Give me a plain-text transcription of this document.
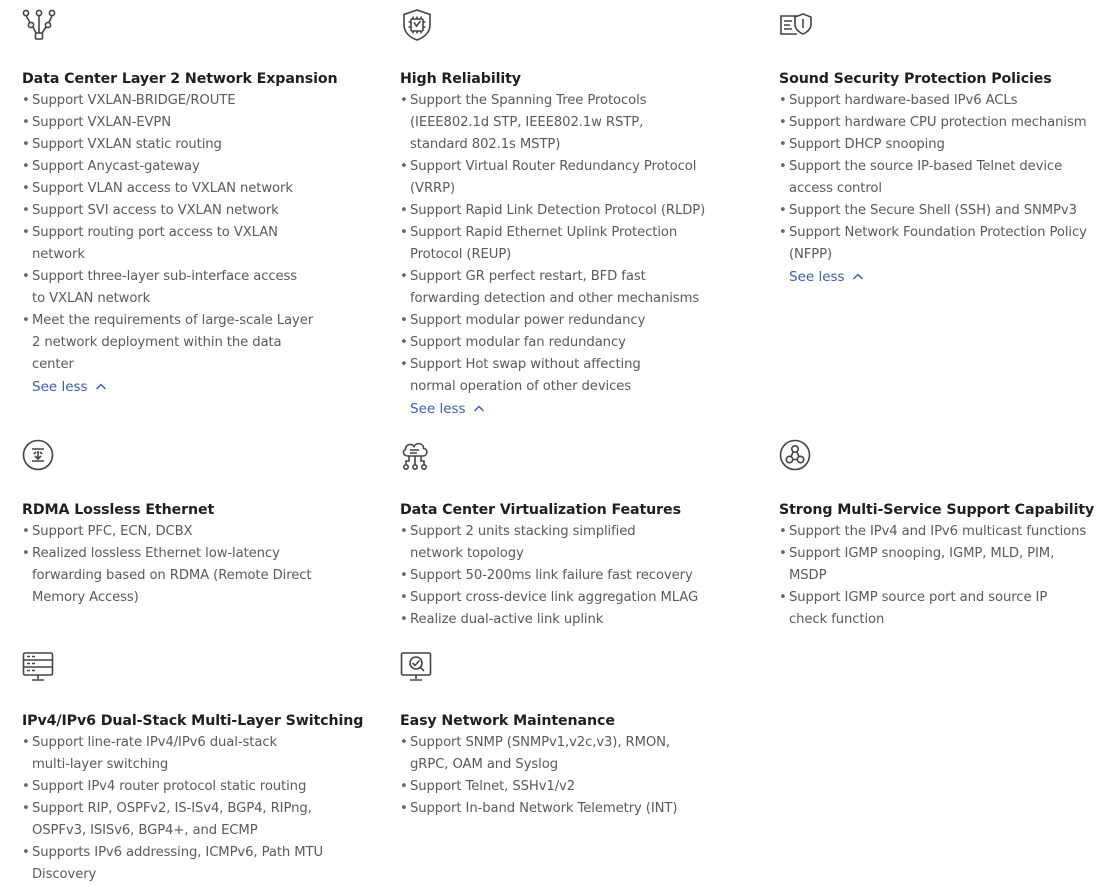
Data Center Layer 2 Network Expansion
• Support VXLAN-BRIDGE/ROUTE
• Support VXLAN-EVPN
• Support VXLAN static routing
• Support Anycast-gateway
• Support VLAN access to VXLAN network
• Support SVI access to VXLAN network
• Support routing port access to VXLAN network
• Support three-layer sub-interface access to VXLAN network
• Meet the requirements of large-scale Layer 2 network deployment within the data center
See less
High Reliability
• Support the Spanning Tree Protocols (IEEE802.1d STP, IEEE802.1w RSTP, standard 802.1s MSTP)
• Support Virtual Router Redundancy Protocol (VRRP)
• Support Rapid Link Detection Protocol (RLDP)
• Support Rapid Ethernet Uplink Protection Protocol (REUP)
• Support GR perfect restart, BFD fast forwarding detection and other mechanisms
• Support modular power redundancy
• Support modular fan redundancy
• Support Hot swap without affecting normal operation of other devices
See less
Sound Security Protection Policies
• Support hardware-based IPv6 ACLs
• Support hardware CPU protection mechanism
• Support DHCP snooping
• Support the source IP-based Telnet device access control
• Support the Secure Shell (SSH) and SNMPv3
• Support Network Foundation Protection Policy (NFPP)
See less
RDMA Lossless Ethernet
• Support PFC, ECN, DCBX
• Realized lossless Ethernet low-latency forwarding based on RDMA (Remote Direct Memory Access)
Data Center Virtualization Features
• Support 2 units stacking simplified network topology
• Support 50-200ms link failure fast recovery
• Support cross-device link aggregation MLAG
• Realize dual-active link uplink
Strong Multi-Service Support Capability
• Support the IPv4 and IPv6 multicast functions
• Support IGMP snooping, IGMP, MLD, PIM, MSDP
• Support IGMP source port and source IP check function
IPv4/IPv6 Dual-Stack Multi-Layer Switching
• Support line-rate IPv4/IPv6 dual-stack multi-layer switching
• Support IPv4 router protocol static routing
• Support RIP, OSPFv2, IS-ISv4, BGP4, RIPng, OSPFv3, ISISv6, BGP4+, and ECMP
• Supports IPv6 addressing, ICMPv6, Path MTU Discovery
Easy Network Maintenance
• Support SNMP (SNMPv1,v2c,v3), RMON, gRPC, OAM and Syslog
• Support Telnet, SSHv1/v2
• Support In-band Network Telemetry (INT)
